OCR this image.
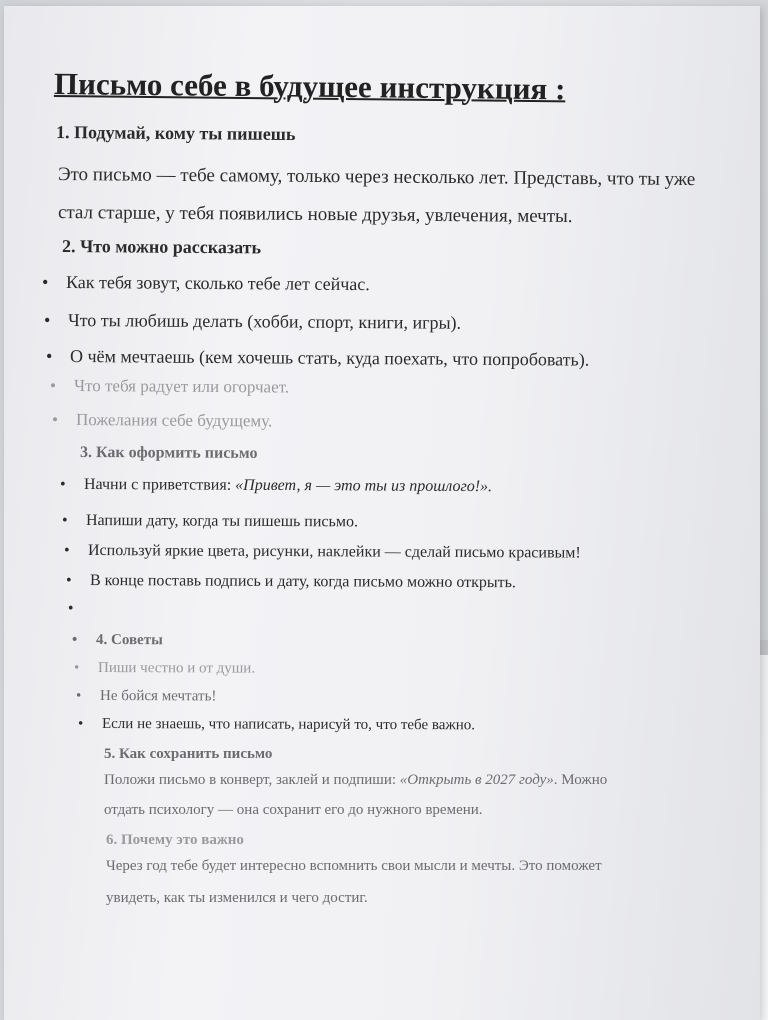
Письмо себе в будущее инструкция :
1. Подумай, кому ты пишешь
Это письмо — тебе самому, только через несколько лет. Представь, что ты уже
стал старше, у тебя появились новые друзья, увлечения, мечты.
2. Что можно рассказать
• Как тебя зовут, сколько тебе лет сейчас.
• Что ты любишь делать (хобби, спорт, книги, игры).
• О чём мечтаешь (кем хочешь стать, куда поехать, что попробовать).
• Что тебя радует или огорчает.
• Пожелания себе будущему.
3. Как оформить письмо
• Начни с приветствия: «Привет, я — это ты из прошлого!».
• Напиши дату, когда ты пишешь письмо.
• Используй яркие цвета, рисунки, наклейки — сделай письмо красивым!
• В конце поставь подпись и дату, когда письмо можно открыть.
• 4. Советы
• Пиши честно и от души.
• Не бойся мечтать!
• Если не знаешь, что написать, нарисуй то, что тебе важно.
5. Как сохранить письмо
Положи письмо в конверт, заклей и подпиши: «Открыть в 2027 году». Можно
отдать психологу — она сохранит его до нужного времени.
6. Почему это важно
Через год тебе будет интересно вспомнить свои мысли и мечты. Это поможет
увидеть, как ты изменился и чего достиг.
